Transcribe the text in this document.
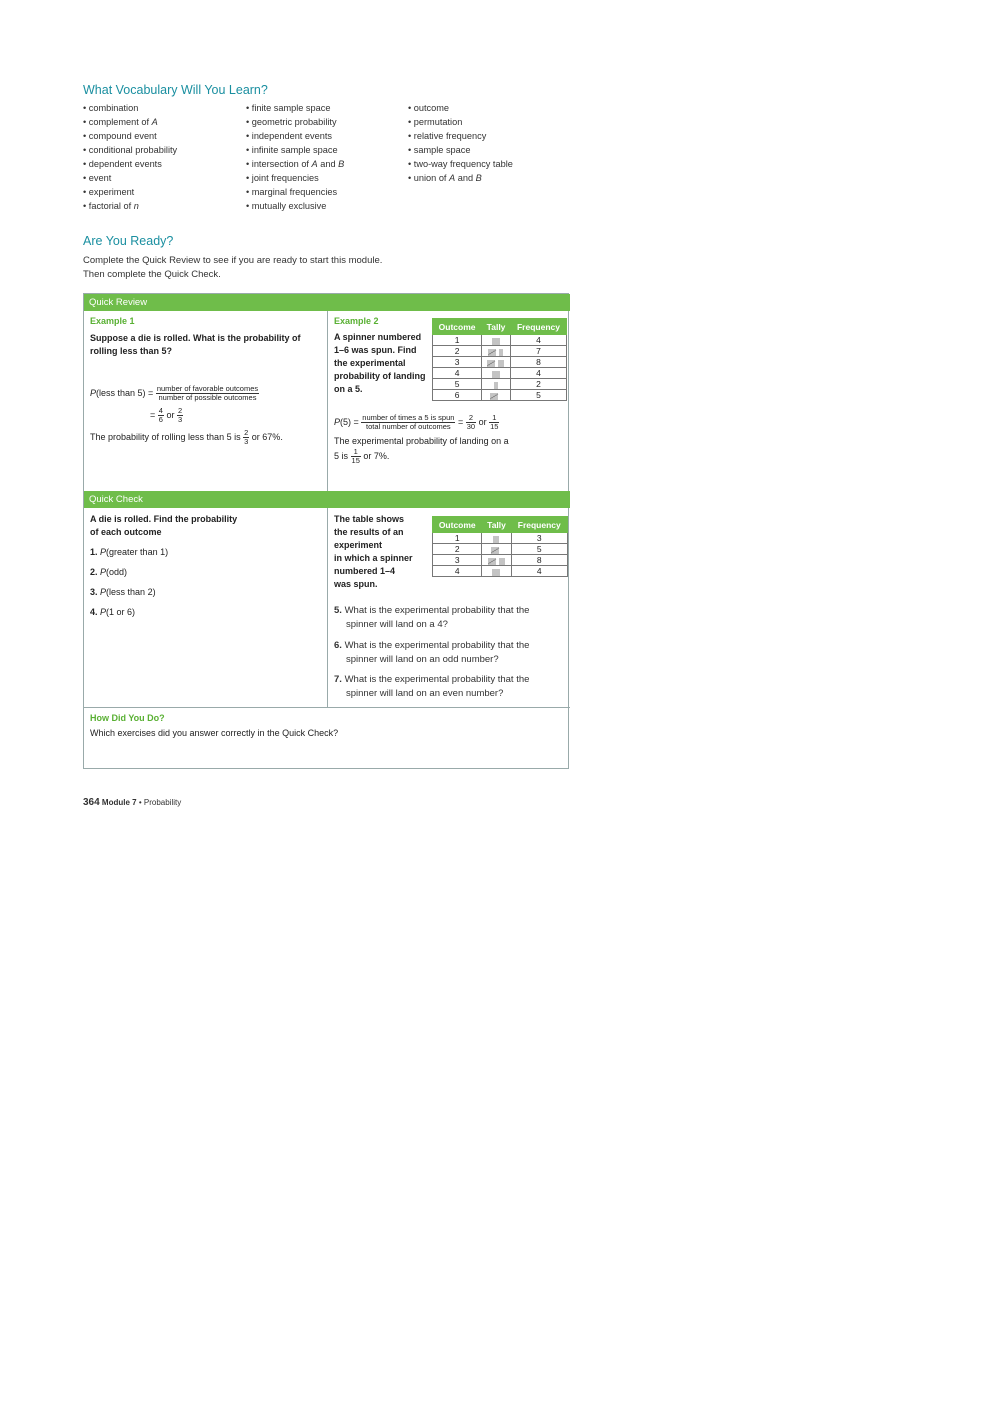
What Vocabulary Will You Learn?
• combination
• complement of A
• compound event
• conditional probability
• dependent events
• event
• experiment
• factorial of n
• finite sample space
• geometric probability
• independent events
• infinite sample space
• intersection of A and B
• joint frequencies
• marginal frequencies
• mutually exclusive
• outcome
• permutation
• relative frequency
• sample space
• two-way frequency table
• union of A and B
Are You Ready?
Complete the Quick Review to see if you are ready to start this module.
Then complete the Quick Check.
Quick Review
Example 1
Suppose a die is rolled. What is the probability of
rolling less than 5?
P(less than $5) = \frac{\text{number of favorable outcomes}}{\text{number of possible outcomes}}$
= $\frac{4}{6}$ or $\frac{2}{3}$
The probability of rolling less than 5 is $\frac{2}{3}$ or 67%.
Example 2
A spinner numbered
1–6 was spun. Find
the experimental
probability of landing
on a 5.
Outcome	Tally	Frequency
1		4
2		7
3		8
4		4
5		2
6		5
$P(5) = \frac{\text{number of times a 5 is spun}}{\text{total number of outcomes}} = \frac{2}{30}$ or $\frac{1}{15}$
The experimental probability of landing on a
5 is $\frac{1}{15}$ or 7%.
Quick Check
A die is rolled. Find the probability
of each outcome
1. P(greater than 1)
2. P(odd)
3. P(less than 2)
4. P(1 or 6)
The table shows
the results of an
experiment
in which a spinner
numbered 1–4
was spun.
Outcome	Tally	Frequency
1		3
2		5
3		8
4		4
5. What is the experimental probability that the
spinner will land on a 4?
6. What is the experimental probability that the
spinner will land on an odd number?
7. What is the experimental probability that the
spinner will land on an even number?
How Did You Do?
Which exercises did you answer correctly in the Quick Check?
364 Module 7 • Probability
